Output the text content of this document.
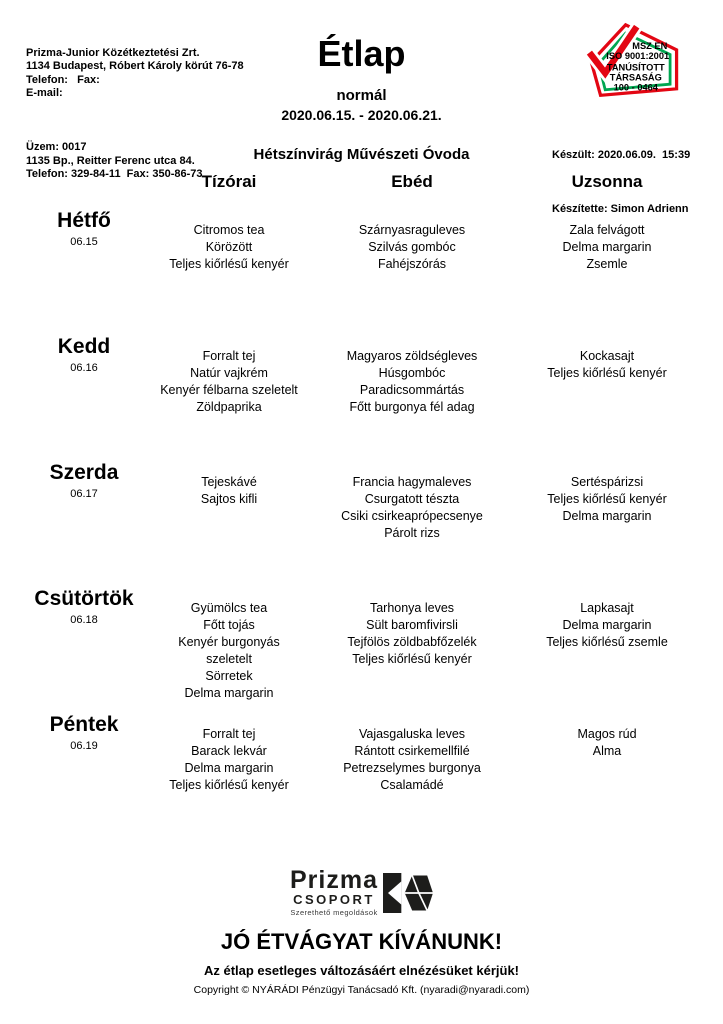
Prizma-Junior Közétkeztetési Zrt.
1134 Budapest, Róbert Károly körút 76-78
Telefon:   Fax:
E-mail:

Üzem: 0017
1135 Bp., Reitter Ferenc utca 84.
Telefon: 329-84-11  Fax: 350-86-73

Étlap
normál
2020.06.15. - 2020.06.21.
MSZ EN
ISO 9001:2001
TANÚSÍTOTT
TÁRSASÁG
100 - 0464

Készült: 2020.06.09.  15:39

Készítette: Simon Adrienn

Hétszínvirág Művészeti Óvoda
Tízórai	Ebéd	Uzsonna
Hétfő
06.15
Citromos tea
Körözött
Teljes kiőrlésű kenyér
Szárnyasraguleves
Szilvás gombóc
Fahéjszórás
Zala felvágott
Delma margarin
Zsemle
Kedd
06.16
Forralt tej
Natúr vajkrém
Kenyér félbarna szeletelt
Zöldpaprika
Magyaros zöldségleves
Húsgombóc
Paradicsommártás
Főtt burgonya fél adag
Kockasajt
Teljes kiőrlésű kenyér
Szerda
06.17
Tejeskávé
Sajtos kifli
Francia hagymaleves
Csurgatott tészta
Csiki csirkeaprópecsenye
Párolt rizs
Sertéspárizsi
Teljes kiőrlésű kenyér
Delma margarin
Csütörtök
06.18
Gyümölcs tea
Főtt tojás
Kenyér burgonyás szeletelt
Sörretek
Delma margarin
Tarhonya leves
Sült baromfivirsli
Tejfölös zöldbabfőzelék
Teljes kiőrlésű kenyér
Lapkasajt
Delma margarin
Teljes kiőrlésű zsemle
Péntek
06.19
Forralt tej
Barack lekvár
Delma margarin
Teljes kiőrlésű kenyér
Vajasgaluska leves
Rántott csirkemellfilé
Petrezselymes burgonya
Csalamádé
Magos rúd
Alma
Prizma
CSOPORT
Szerethető megoldások
JÓ ÉTVÁGYAT KÍVÁNUNK!
Az étlap esetleges változásáért elnézésüket kérjük!
Copyright © NYÁRÁDI Pénzügyi Tanácsadó Kft. (nyaradi@nyaradi.com)
